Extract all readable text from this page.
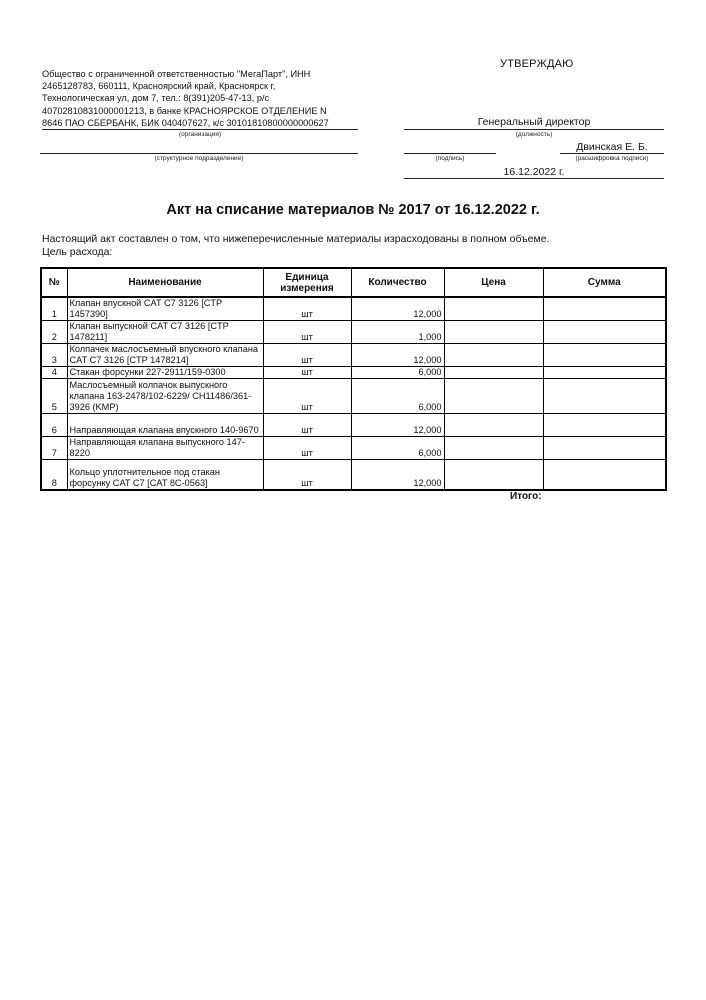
УТВЕРЖДАЮ
Общество с ограниченной ответственностью "МегаПарт", ИНН
2465128783, 660111, Красноярский край, Красноярск г,
Технологическая ул, дом 7, тел.: 8(391)205-47-13, р/с
40702810831000001213, в банке КРАСНОЯРСКОЕ ОТДЕЛЕНИЕ N
8646 ПАО СБЕРБАНК, БИК 040407627, к/с 30101810800000000627
(организация)
(структурное подразделение)
Генеральный директор
(должность)
Двинская Е. Б.
(подпись)	(расшифровка подписи)
16.12.2022 г.
Акт на списание материалов № 2017 от 16.12.2022 г.
Настоящий акт составлен о том, что нижеперечисленные материалы израсходованы в полном объеме.
Цель расхода:
№	Наименование	Единица измерения	Количество	Цена	Сумма
1	Клапан впускной CAT C7 3126 [CTP 1457390]	шт	12,000		
2	Клапан выпускной CAT C7 3126 [CTP 1478211]	шт	1,000		
3	Колпачек маслосъемный впускного клапана CAT C7 3126 [CTP 1478214]	шт	12,000		
4	Стакан форсунки 227-2911/159-0300	шт	6,000		
5	Маслосъемный колпачок выпускного клапана 163-2478/102-6229/ CH11486/361-3926 (KMP)	шт	6,000		
6	Направляющая клапана впускного 140-9670	шт	12,000		
7	Направляющая клапана выпускного 147-8220	шт	6,000		
8	Кольцо уплотнительное под стакан форсунку CAT C7 [CAT 8C-0563]	шт	12,000		
Итого:
